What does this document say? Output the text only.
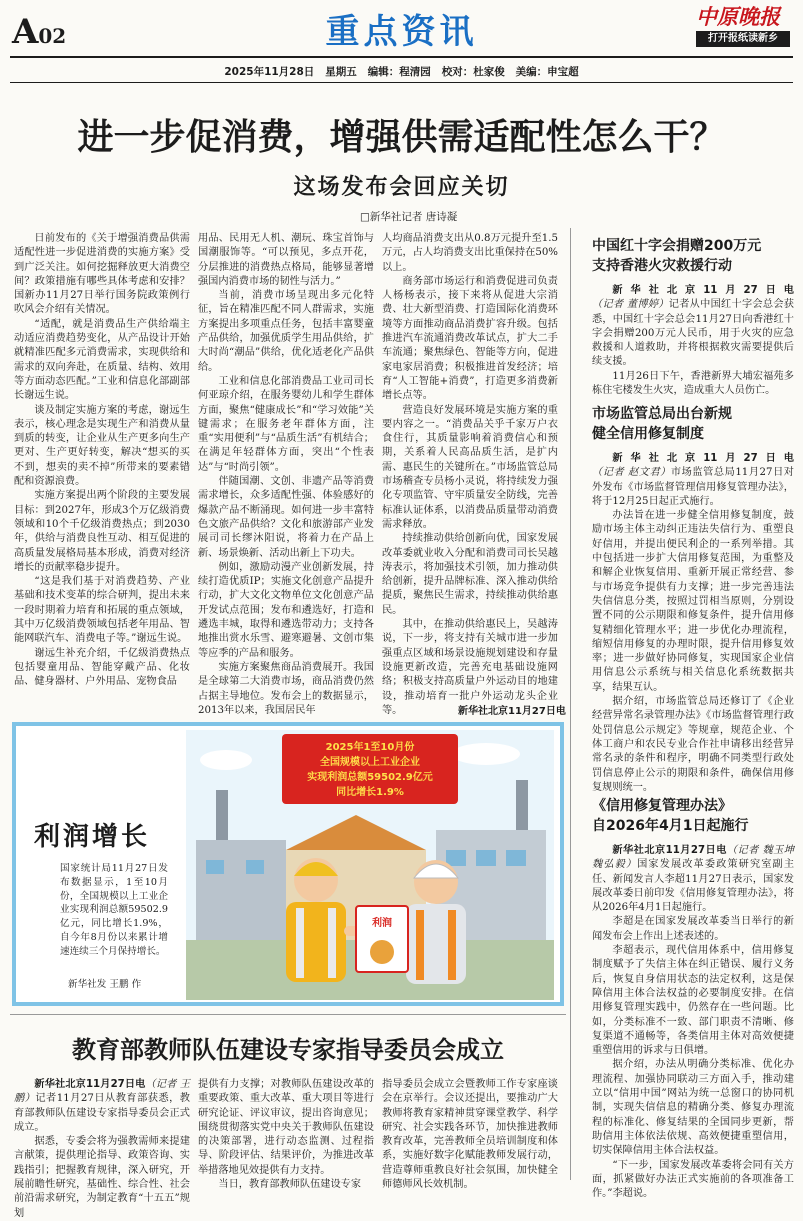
A02	重点资讯	中原晚报
打开报纸读新乡
2025年11月28日   星期五   编辑：程清园   校对：杜家俊   美编：申宝超
进一步促消费，增强供需适配性怎么干？
这场发布会回应关切
□新华社记者 唐诗凝

日前发布的《关于增强消费品供需适配性进一步促进消费的实施方案》受到广泛关注。如何挖掘释放更大消费空间？政策措施有哪些具体考虑和安排？国新办11月27日举行国务院政策例行吹风会介绍有关情况。

“适配，就是消费品生产供给端主动适应消费趋势变化，从产品设计开始就精准匹配多元消费需求，实现供给和需求的双向奔赴，在质量、结构、效用等方面动态匹配。”工业和信息化部副部长谢远生说。

谈及制定实施方案的考虑，谢远生表示，核心理念是实现生产和消费从量到质的转变，让企业从生产更多向生产更对、生产更好转变，解决“想买的买不到，想卖的卖不掉”所带来的要素错配和资源浪费。

实施方案提出两个阶段的主要发展目标：到2027年，形成3个万亿级消费领域和10个千亿级消费热点；到2030年，供给与消费良性互动、相互促进的高质量发展格局基本形成，消费对经济增长的贡献率稳步提升。

“这是我们基于对消费趋势、产业基础和技术变革的综合研判，提出未来一段时期着力培育和拓展的重点领域，其中万亿级消费领域包括老年用品、智能网联汽车、消费电子等。”谢远生说。

谢远生补充介绍，千亿级消费热点包括婴童用品、智能穿戴产品、化妆品、健身器材、户外用品、宠物食品

用品、民用无人机、潮玩、珠宝首饰与国潮服饰等。“可以预见，多点开花，分层推进的消费热点格局，能够显著增强国内消费市场的韧性与活力。”

当前，消费市场呈现出多元化特征，旨在精准匹配不同人群需求，实施方案提出多项重点任务，包括丰富婴童产品供给，加强优质学生用品供给，扩大时尚“潮品”供给，优化适老化产品供给。

工业和信息化部消费品工业司司长何亚琼介绍，在服务婴幼儿和学生群体方面，聚焦“健康成长”和“学习效能”关键需求；在服务老年群体方面，注重“实用便利”与“品质生活”有机结合；在满足年轻群体方面，突出“个性表达”与“时尚引领”。

伴随国潮、文创、非遗产品等消费需求增长，众多适配性强、体验感好的爆款产品不断涌现。如何进一步丰富特色文旅产品供给？文化和旅游部产业发展司司长缪沐阳说，将着力在产品上新、场景焕新、活动出新上下功夫。

例如，激励动漫产业创新发展，持续打造优质IP；实施文化创意产品提升行动，扩大文化文物单位文化创意产品开发试点范围；发布和遴选好，打造和遴选丰城，取得和遴选带动力；支持各地推出赏水乐雪、避寒避暑、文创市集等应季的产品和服务。

实施方案聚焦商品消费展开。我国是全球第二大消费市场，商品消费仍然占据主导地位。发布会上的数据显示，2013年以来，我国居民年

人均商品消费支出从0.8万元提升至1.5万元，占人均消费支出比重保持在50%以上。

商务部市场运行和消费促进司负责人杨杨表示，接下来将从促进大宗消费、壮大新型消费、打造国际化消费环境等方面推动商品消费扩容升级。包括推进汽车流通消费改革试点，扩大二手车流通；聚焦绿色、智能等方向，促进家电家居消费；积极推进首发经济；培育“人工智能+消费”，打造更多消费新增长点等。

营造良好发展环境是实施方案的重要内容之一。“消费品关乎千家万户衣食住行，其质量影响着消费信心和预期，关系着人民高品质生活，是扩内需、惠民生的关键所在。”市场监管总局市场稽查专员杨小灵说，将持续发力强化专项监管、守牢质量安全防线，完善标准认证体系，以消费品质量带动消费需求释放。

持续推动供给创新向优，国家发展改革委就业收入分配和消费司司长吴越涛表示，将加强技术引领，加力推动供给创新，提升品牌标准、深入推动供给提质，聚焦民生需求，持续推动供给惠民。

其中，在推动供给惠民上，吴越涛说，下一步，将支持有关城市进一步加强重点区域和场景设施规划建设和存量设施更新改造，完善充电基础设施网络；积极支持高质量户外运动目的地建设，推动培育一批户外运动龙头企业等。	新华社北京11月27日电
利润增长
国家统计局11月27日发布数据显示，1至10月份，全国规模以上工业企业实现利润总额59502.9亿元，同比增长1.9%，自今年8月份以来累计增速连续三个月保持增长。
新华社发 王鹏 作
2025年1至10月份
全国规模以上工业企业
实现利润总额59502.9亿元
同比增长1.9%
利润
教育部教师队伍建设专家指导委员会成立

新华社北京11月27日电（记者 王鹏）记者11月27日从教育部获悉，教育部教师队伍建设专家指导委员会正式成立。

据悉，专委会将为强教需师来提建言献策，提供理论指导、政策咨询、实践指引；把握教育规律，深入研究，开展前瞻性研究，基础性、综合性、社会前沿需求研究，为制定教育“十五五”规划

提供有力支撑；对教师队伍建设改革的重要政策、重大改革、重大项目等进行研究论证、评议审议，提出咨询意见；围绕贯彻落实党中央关于教师队伍建设的决策部署，进行动态监测、过程指导、阶段评估、结果评价，为推进改革举措落地见效提供有力支持。

当日，教育部教师队伍建设专家

指导委员会成立会暨教师工作专家座谈会在京举行。会议还提出，要推动广大教师将教育家精神贯穿课堂教学、科学研究、社会实践各环节，加快推进教师教育改革，完善教师全员培训制度和体系，实施好数字化赋能教师发展行动，营造尊师重教良好社会氛围，加快健全师德师风长效机制。

中国红十字会捐赠200万元
支持香港火灾救援行动

新华社北京11月27日电（记者 董博婷）记者从中国红十字会总会获悉，中国红十字会总会11月27日向香港红十字会捐赠200万元人民币，用于火灾的应急救援和人道救助，并将根据救灾需要提供后续支援。

11月26日下午，香港新界大埔宏福苑多栋住宅楼发生火灾，造成重大人员伤亡。

市场监管总局出台新规
健全信用修复制度

新华社北京11月27日电（记者 赵文君）市场监管总局11月27日对外发布《市场监督管理信用修复管理办法》，将于12月25日起正式施行。

办法旨在进一步健全信用修复制度，鼓励市场主体主动纠正违法失信行为、重塑良好信用，并提出便民利企的一系列举措。其中包括进一步扩大信用修复范围，为重整及和解企业恢复信用、重新开展正常经营、参与市场竞争提供有力支撑；进一步完善违法失信信息分类，按照过罚相当原则，分别设置不同的公示期限和修复条件，提升信用修复精细化管理水平；进一步优化办理流程，缩短信用修复的办理时限，提升信用修复效率；进一步做好协同修复，实现国家企业信用信息公示系统与相关信息化系统数据共享，结果互认。

据介绍，市场监管总局还修订了《企业经营异常名录管理办法》《市场监督管理行政处罚信息公示规定》等规章，规范企业、个体工商户和农民专业合作社申请移出经营异常名录的条件和程序，明确不同类型行政处罚信息停止公示的期限和条件，确保信用修复规则统一。

《信用修复管理办法》
自2026年4月1日起施行

新华社北京11月27日电（记者 魏玉坤 魏弘毅）国家发展改革委政策研究室副主任、新闻发言人李超11月27日表示，国家发展改革委日前印发《信用修复管理办法》，将从2026年4月1日起施行。

李超是在国家发展改革委当日举行的新闻发布会上作出上述表述的。

李超表示，现代信用体系中，信用修复制度赋予了失信主体在纠正错误、履行义务后，恢复自身信用状态的法定权利，这是保障信用主体合法权益的必要制度安排。在信用修复管理实践中，仍然存在一些问题。比如，分类标准不一致、部门职责不清晰、修复渠道不通畅等，各类信用主体对高效便捷重塑信用的诉求与日俱增。

据介绍，办法从明确分类标准、优化办理流程、加强协同联动三方面入手，推动建立以“信用中国”网站为统一总窗口的协同机制，实现失信信息的精确分类、修复办理流程的标准化、修复结果的全国同步更新，帮助信用主体依法依规、高效便捷重塑信用，切实保障信用主体合法权益。

“下一步，国家发展改革委将会同有关方面，抓紧做好办法正式实施前的各项准备工作。”李超说。
